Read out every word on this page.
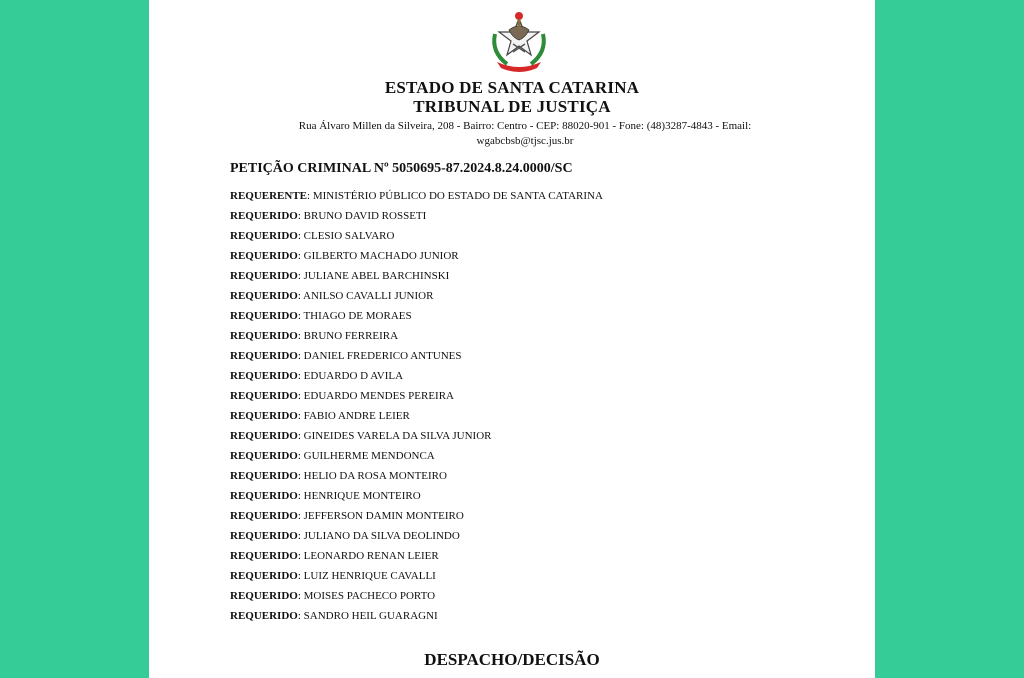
ESTADO DE SANTA CATARINA
TRIBUNAL DE JUSTIÇA
Rua Álvaro Millen da Silveira, 208 - Bairro: Centro - CEP: 88020-901 - Fone: (48)3287-4843 - Email: wgabcbsb@tjsc.jus.br
PETIÇÃO CRIMINAL Nº 5050695-87.2024.8.24.0000/SC
REQUERENTE: MINISTÉRIO PÚBLICO DO ESTADO DE SANTA CATARINA
REQUERIDO: BRUNO DAVID ROSSETI
REQUERIDO: CLESIO SALVARO
REQUERIDO: GILBERTO MACHADO JUNIOR
REQUERIDO: JULIANE ABEL BARCHINSKI
REQUERIDO: ANILSO CAVALLI JUNIOR
REQUERIDO: THIAGO DE MORAES
REQUERIDO: BRUNO FERREIRA
REQUERIDO: DANIEL FREDERICO ANTUNES
REQUERIDO: EDUARDO D AVILA
REQUERIDO: EDUARDO MENDES PEREIRA
REQUERIDO: FABIO ANDRE LEIER
REQUERIDO: GINEIDES VARELA DA SILVA JUNIOR
REQUERIDO: GUILHERME MENDONCA
REQUERIDO: HELIO DA ROSA MONTEIRO
REQUERIDO: HENRIQUE MONTEIRO
REQUERIDO: JEFFERSON DAMIN MONTEIRO
REQUERIDO: JULIANO DA SILVA DEOLINDO
REQUERIDO: LEONARDO RENAN LEIER
REQUERIDO: LUIZ HENRIQUE CAVALLI
REQUERIDO: MOISES PACHECO PORTO
REQUERIDO: SANDRO HEIL GUARAGNI
DESPACHO/DECISÃO
